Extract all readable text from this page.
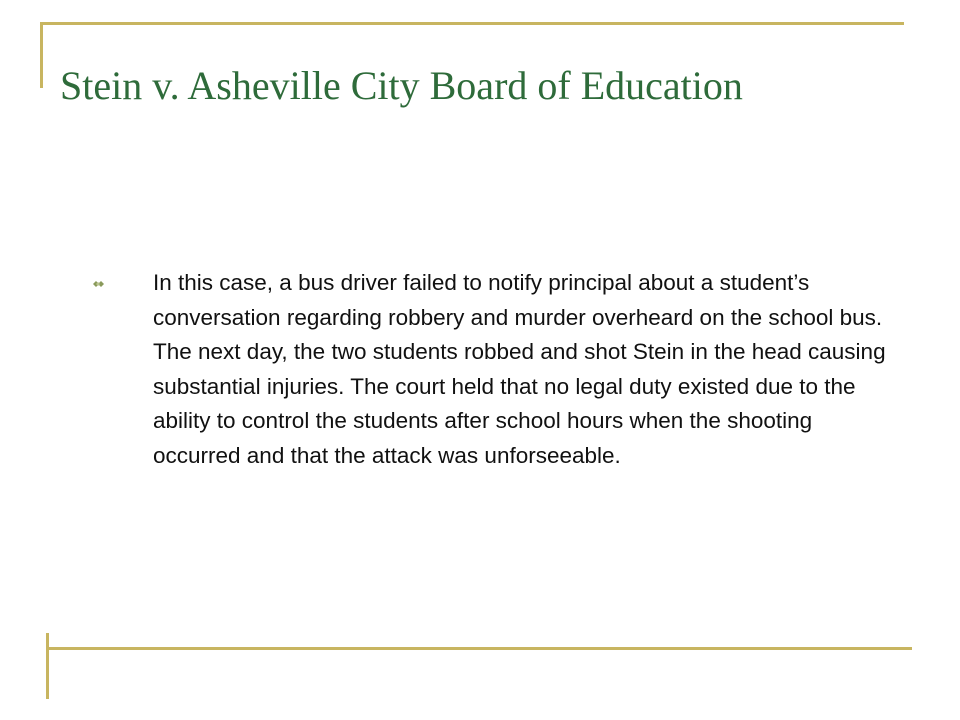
Stein v. Asheville City Board of Education

In this case, a bus driver failed to notify principal about a student’s conversation regarding robbery and murder overheard on the school bus. The next day, the two students robbed and shot Stein in the head causing substantial injuries. The court held that no legal duty existed due to the ability to control the students after school hours when the shooting occurred and that the attack was unforseeable.
